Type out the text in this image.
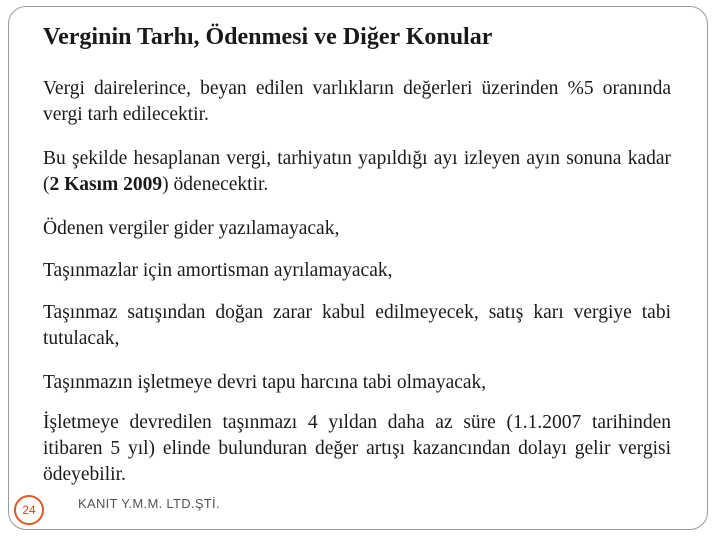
Verginin Tarhı, Ödenmesi ve Diğer Konular
Vergi dairelerince, beyan edilen varlıkların değerleri üzerinden %5 oranında vergi tarh edilecektir.
Bu şekilde hesaplanan vergi, tarhiyatın yapıldığı ayı izleyen ayın sonuna kadar (2 Kasım 2009) ödenecektir.
Ödenen vergiler gider yazılamayacak,
Taşınmazlar için amortisman ayrılamayacak,
Taşınmaz satışından doğan zarar kabul edilmeyecek, satış karı vergiye tabi tutulacak,
Taşınmazın işletmeye devri tapu harcına tabi olmayacak,
İşletmeye devredilen taşınmazı 4 yıldan daha az süre (1.1.2007 tarihinden itibaren 5 yıl) elinde bulunduran değer artışı kazancından dolayı gelir vergisi ödeyebilir.
24	KANIT Y.M.M. LTD.ŞTİ.
